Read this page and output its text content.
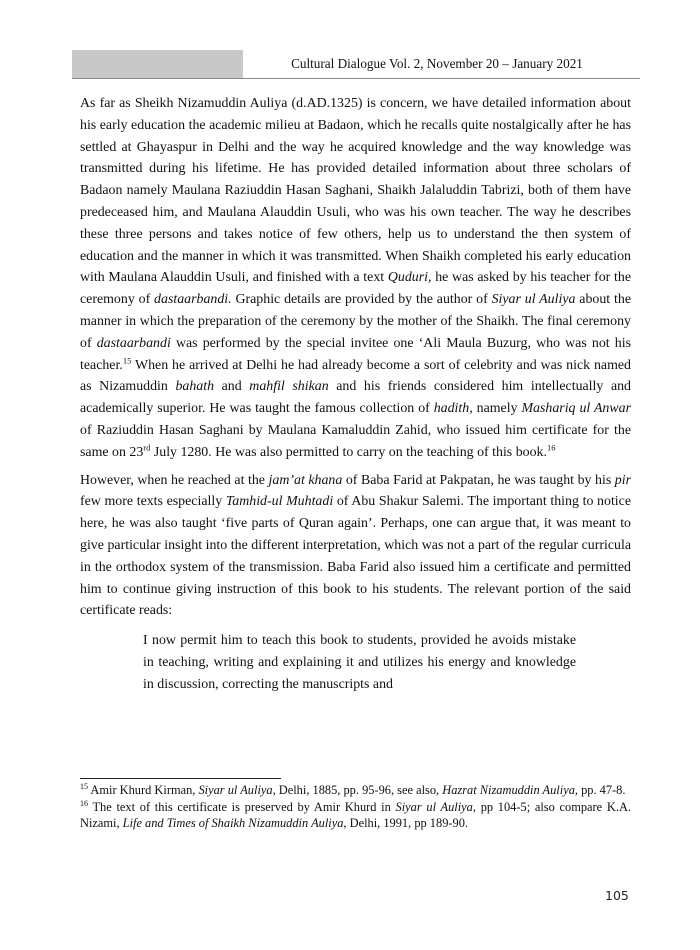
Cultural Dialogue Vol. 2, November 20 – January 2021

As far as Sheikh Nizamuddin Auliya (d.AD.1325) is concern, we have detailed information about his early education the academic milieu at Badaon, which he recalls quite nostalgically after he has settled at Ghayaspur in Delhi and the way he acquired knowledge and the way knowledge was transmitted during his lifetime. He has provided detailed information about three scholars of Badaon namely Maulana Raziuddin Hasan Saghani, Shaikh Jalaluddin Tabrizi, both of them have predeceased him, and Maulana Alauddin Usuli, who was his own teacher. The way he describes these three persons and takes notice of few others, help us to understand the then system of education and the manner in which it was transmitted. When Shaikh completed his early education with Maulana Alauddin Usuli, and finished with a text Quduri, he was asked by his teacher for the ceremony of dastaarbandi. Graphic details are provided by the author of Siyar ul Auliya about the manner in which the preparation of the ceremony by the mother of the Shaikh. The final ceremony of dastaarbandi was performed by the special invitee one ‘Ali Maula Buzurg, who was not his teacher.$^{15}$ When he arrived at Delhi he had already become a sort of celebrity and was nick named as Nizamuddin bahath and mahfil shikan and his friends considered him intellectually and academically superior. He was taught the famous collection of hadith, namely Mashariq ul Anwar of Raziuddin Hasan Saghani by Maulana Kamaluddin Zahid, who issued him certificate for the same on 23rd July 1280. He was also permitted to carry on the teaching of this book.$^{16}$

However, when he reached at the jam’at khana of Baba Farid at Pakpatan, he was taught by his pir few more texts especially Tamhid-ul Muhtadi of Abu Shakur Salemi. The important thing to notice here, he was also taught ‘five parts of Quran again’. Perhaps, one can argue that, it was meant to give particular insight into the different interpretation, which was not a part of the regular curricula in the orthodox system of the transmission. Baba Farid also issued him a certificate and permitted him to continue giving instruction of this book to his students. The relevant portion of the said certificate reads:

I now permit him to teach this book to students, provided he avoids mistake in teaching, writing and explaining it and utilizes his energy and knowledge in discussion, correcting the manuscripts and

$^{15}$ Amir Khurd Kirman, Siyar ul Auliya, Delhi, 1885, pp. 95-96, see also, Hazrat Nizamuddin Auliya, pp. 47-8.

$^{16}$ The text of this certificate is preserved by Amir Khurd in Siyar ul Auliya, pp 104-5; also compare K.A. Nizami, Life and Times of Shaikh Nizamuddin Auliya, Delhi, 1991, pp 189-90.

105
